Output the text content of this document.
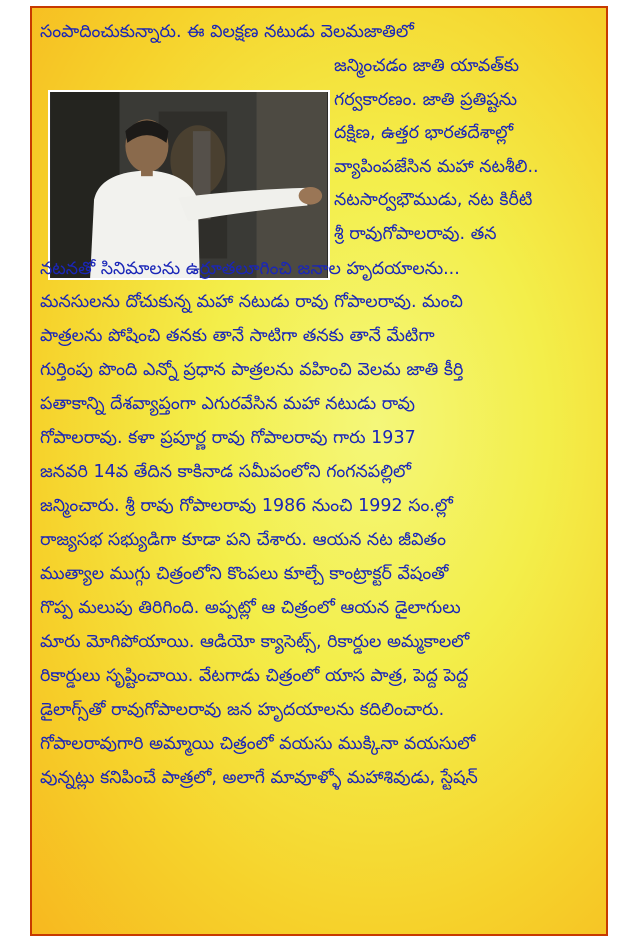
సంపాదించుకున్నారు. ఈ విలక్షణ నటుడు వెలమజాతిలో
జన్మించడం జాతి యావత్‌కు
గర్వకారణం. జాతి ప్రతిష్టను
దక్షిణ, ఉత్తర భారతదేశాల్లో
వ్యాపింపజేసిన మహా నటశీలి..
నటసార్వభౌముడు, నట కిరీటి
శ్రీ రావుగోపాలరావు. తన
నటనతో సినిమాలను ఉర్రూతలూగించి జనాల హృదయాలను...
మనసులను దోచుకున్న మహా నటుడు రావు గోపాలరావు. మంచి
పాత్రలను పోషించి తనకు తానే సాటిగా తనకు తానే మేటిగా
గుర్తింపు పొంది ఎన్నో ప్రధాన పాత్రలను వహించి వెలమ జాతి కీర్తి
పతాకాన్ని దేశవ్యాప్తంగా ఎగురవేసిన మహా నటుడు రావు
గోపాలరావు. కళా ప్రపూర్ణ రావు గోపాలరావు గారు 1937
జనవరి 14వ తేదిన కాకినాడ సమీపంలోని గంగనపల్లిలో
జన్మించారు. శ్రీ రావు గోపాలరావు 1986 నుంచి 1992 సం.ల్లో
రాజ్యసభ సభ్యుడిగా కూడా పని చేశారు. ఆయన నట జీవితం
ముత్యాల ముగ్గు చిత్రంలోని కొంపలు కూల్చే కాంట్రాక్టర్ వేషంతో
గొప్ప మలుపు తిరిగింది. అప్పట్లో ఆ చిత్రంలో ఆయన డైలాగులు
మారు మోగిపోయాయి. ఆడియో క్యాసెట్స్, రికార్డుల అమ్మకాలలో
రికార్డులు సృష్టించాయి. వేటగాడు చిత్రంలో యాస పాత్ర, పెద్ద పెద్ద
డైలాగ్స్‌తో రావుగోపాలరావు జన హృదయాలను కదిలించారు.
గోపాలరావుగారి అమ్మాయి చిత్రంలో వయసు ముక్కినా వయసులో
వున్నట్లు కనిపించే పాత్రలో, అలాగే మావూళ్ళో మహాశివుడు, స్టేషన్
